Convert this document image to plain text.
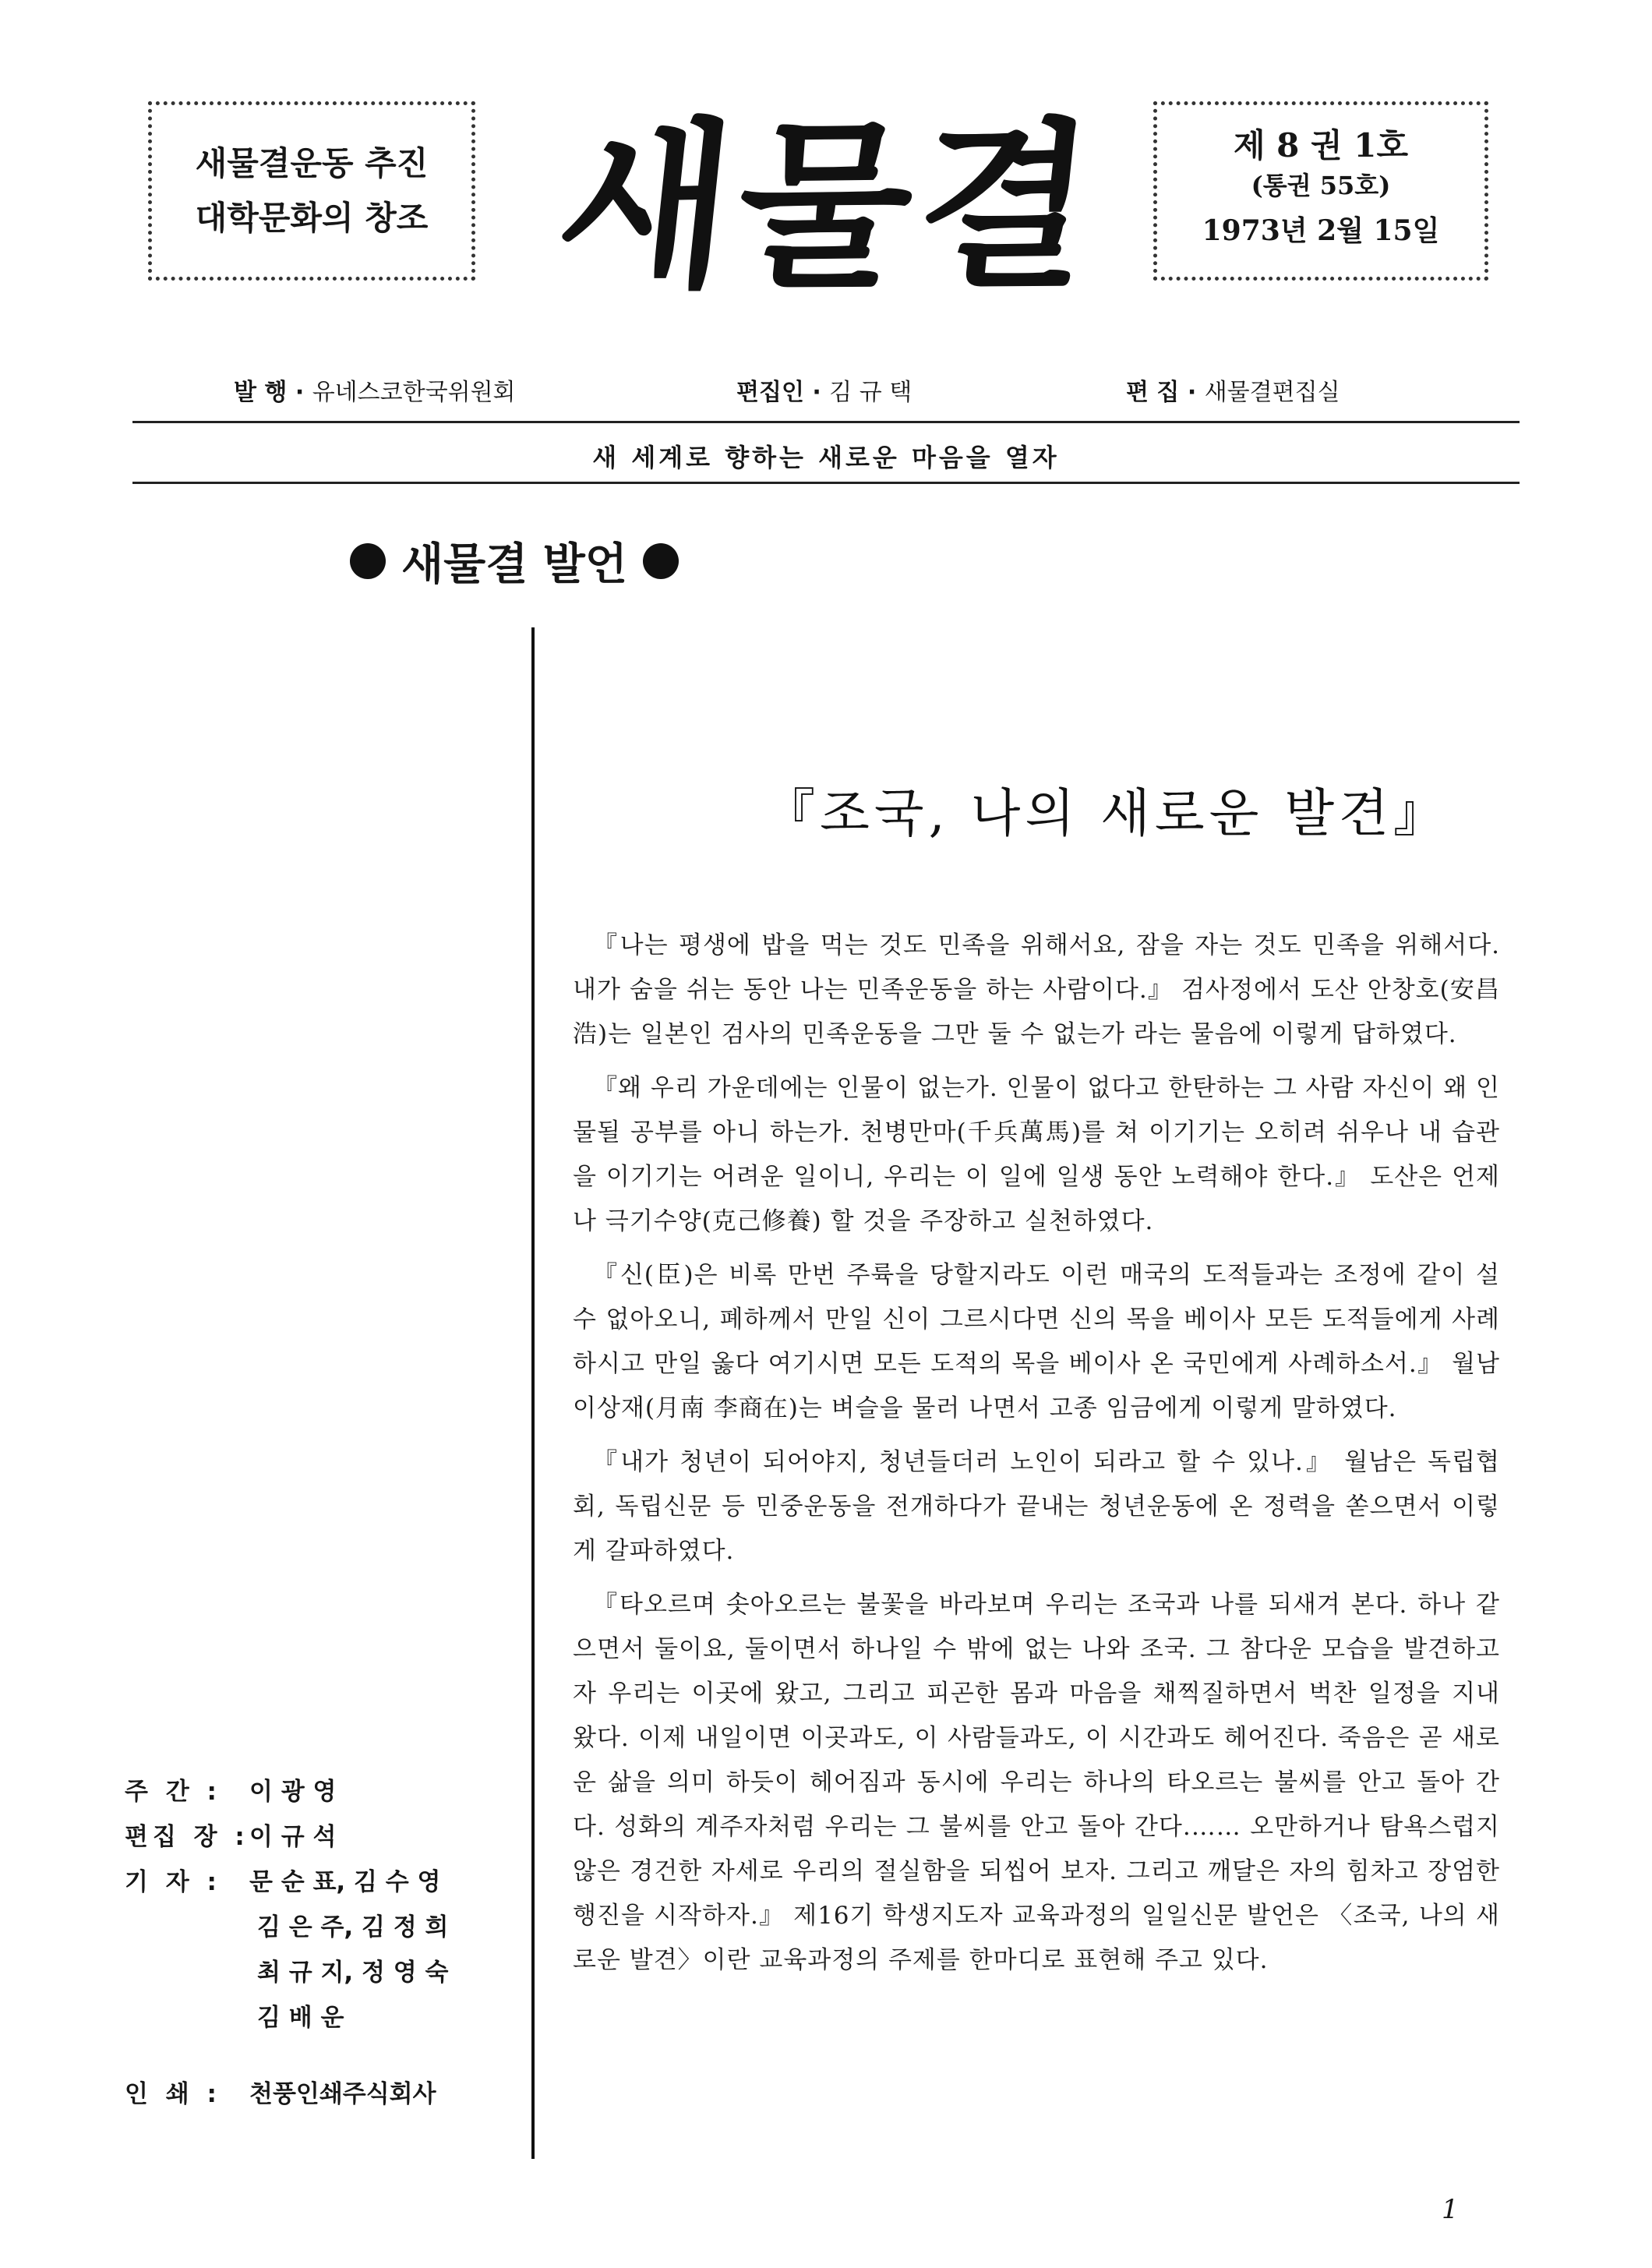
새물결운동 추진
대학문화의 창조 새물결	제 8 권 1호
(통권 55호)
1973년 2월 15일
발 행 · 유네스코한국위원회	편집인 · 김 규 택	편 집 · 새물결편집실
새 세계로 향하는 새로운 마음을 열자
새물결 발언
『조국, 나의 새로운 발견』

『나는 평생에 밥을 먹는 것도 민족을 위해서요, 잠을 자는 것도 민족을 위해서다. 내가 숨을 쉬는 동안 나는 민족운동을 하는 사람이다.』 검사정에서 도산 안창호(安昌浩)는 일본인 검사의 민족운동을 그만 둘 수 없는가 라는 물음에 이렇게 답하였다.

『왜 우리 가운데에는 인물이 없는가. 인물이 없다고 한탄하는 그 사람 자신이 왜 인물될 공부를 아니 하는가. 천병만마(千兵萬馬)를 쳐 이기기는 오히려 쉬우나 내 습관을 이기기는 어려운 일이니, 우리는 이 일에 일생 동안 노력해야 한다.』 도산은 언제나 극기수양(克己修養) 할 것을 주장하고 실천하였다.

『신(臣)은 비록 만번 주륙을 당할지라도 이런 매국의 도적들과는 조정에 같이 설 수 없아오니, 폐하께서 만일 신이 그르시다면 신의 목을 베이사 모든 도적들에게 사례하시고 만일 옳다 여기시면 모든 도적의 목을 베이사 온 국민에게 사례하소서.』 월남 이상재(月南 李商在)는 벼슬을 물러 나면서 고종 임금에게 이렇게 말하였다.

『내가 청년이 되어야지, 청년들더러 노인이 되라고 할 수 있나.』 월남은 독립협회, 독립신문 등 민중운동을 전개하다가 끝내는 청년운동에 온 정력을 쏟으면서 이렇게 갈파하였다.

『타오르며 솟아오르는 불꽃을 바라보며 우리는 조국과 나를 되새겨 본다. 하나 같으면서 둘이요, 둘이면서 하나일 수 밖에 없는 나와 조국. 그 참다운 모습을 발견하고자 우리는 이곳에 왔고, 그리고 피곤한 몸과 마음을 채찍질하면서 벅찬 일정을 지내 왔다. 이제 내일이면 이곳과도, 이 사람들과도, 이 시간과도 헤어진다. 죽음은 곧 새로운 삶을 의미 하듯이 헤어짐과 동시에 우리는 하나의 타오르는 불씨를 안고 돌아 간다. 성화의 계주자처럼 우리는 그 불씨를 안고 돌아 간다.…… 오만하거나 탐욕스럽지 않은 경건한 자세로 우리의 절실함을 되씹어 보자. 그리고 깨달은 자의 힘차고 장엄한 행진을 시작하자.』 제16기 학생지도자 교육과정의 일일신문 발언은 〈조국, 나의 새로운 발견〉이란 교육과정의 주제를 한마디로 표현해 주고 있다.

주 간 :	이 광 영
편집 장 : 이 규 석
기 자 :	문 순 표, 김 수 영
김 은 주, 김 정 희
최 규 지, 정 영 숙
김 배 운
인 쇄 :	천풍인쇄주식회사
1
